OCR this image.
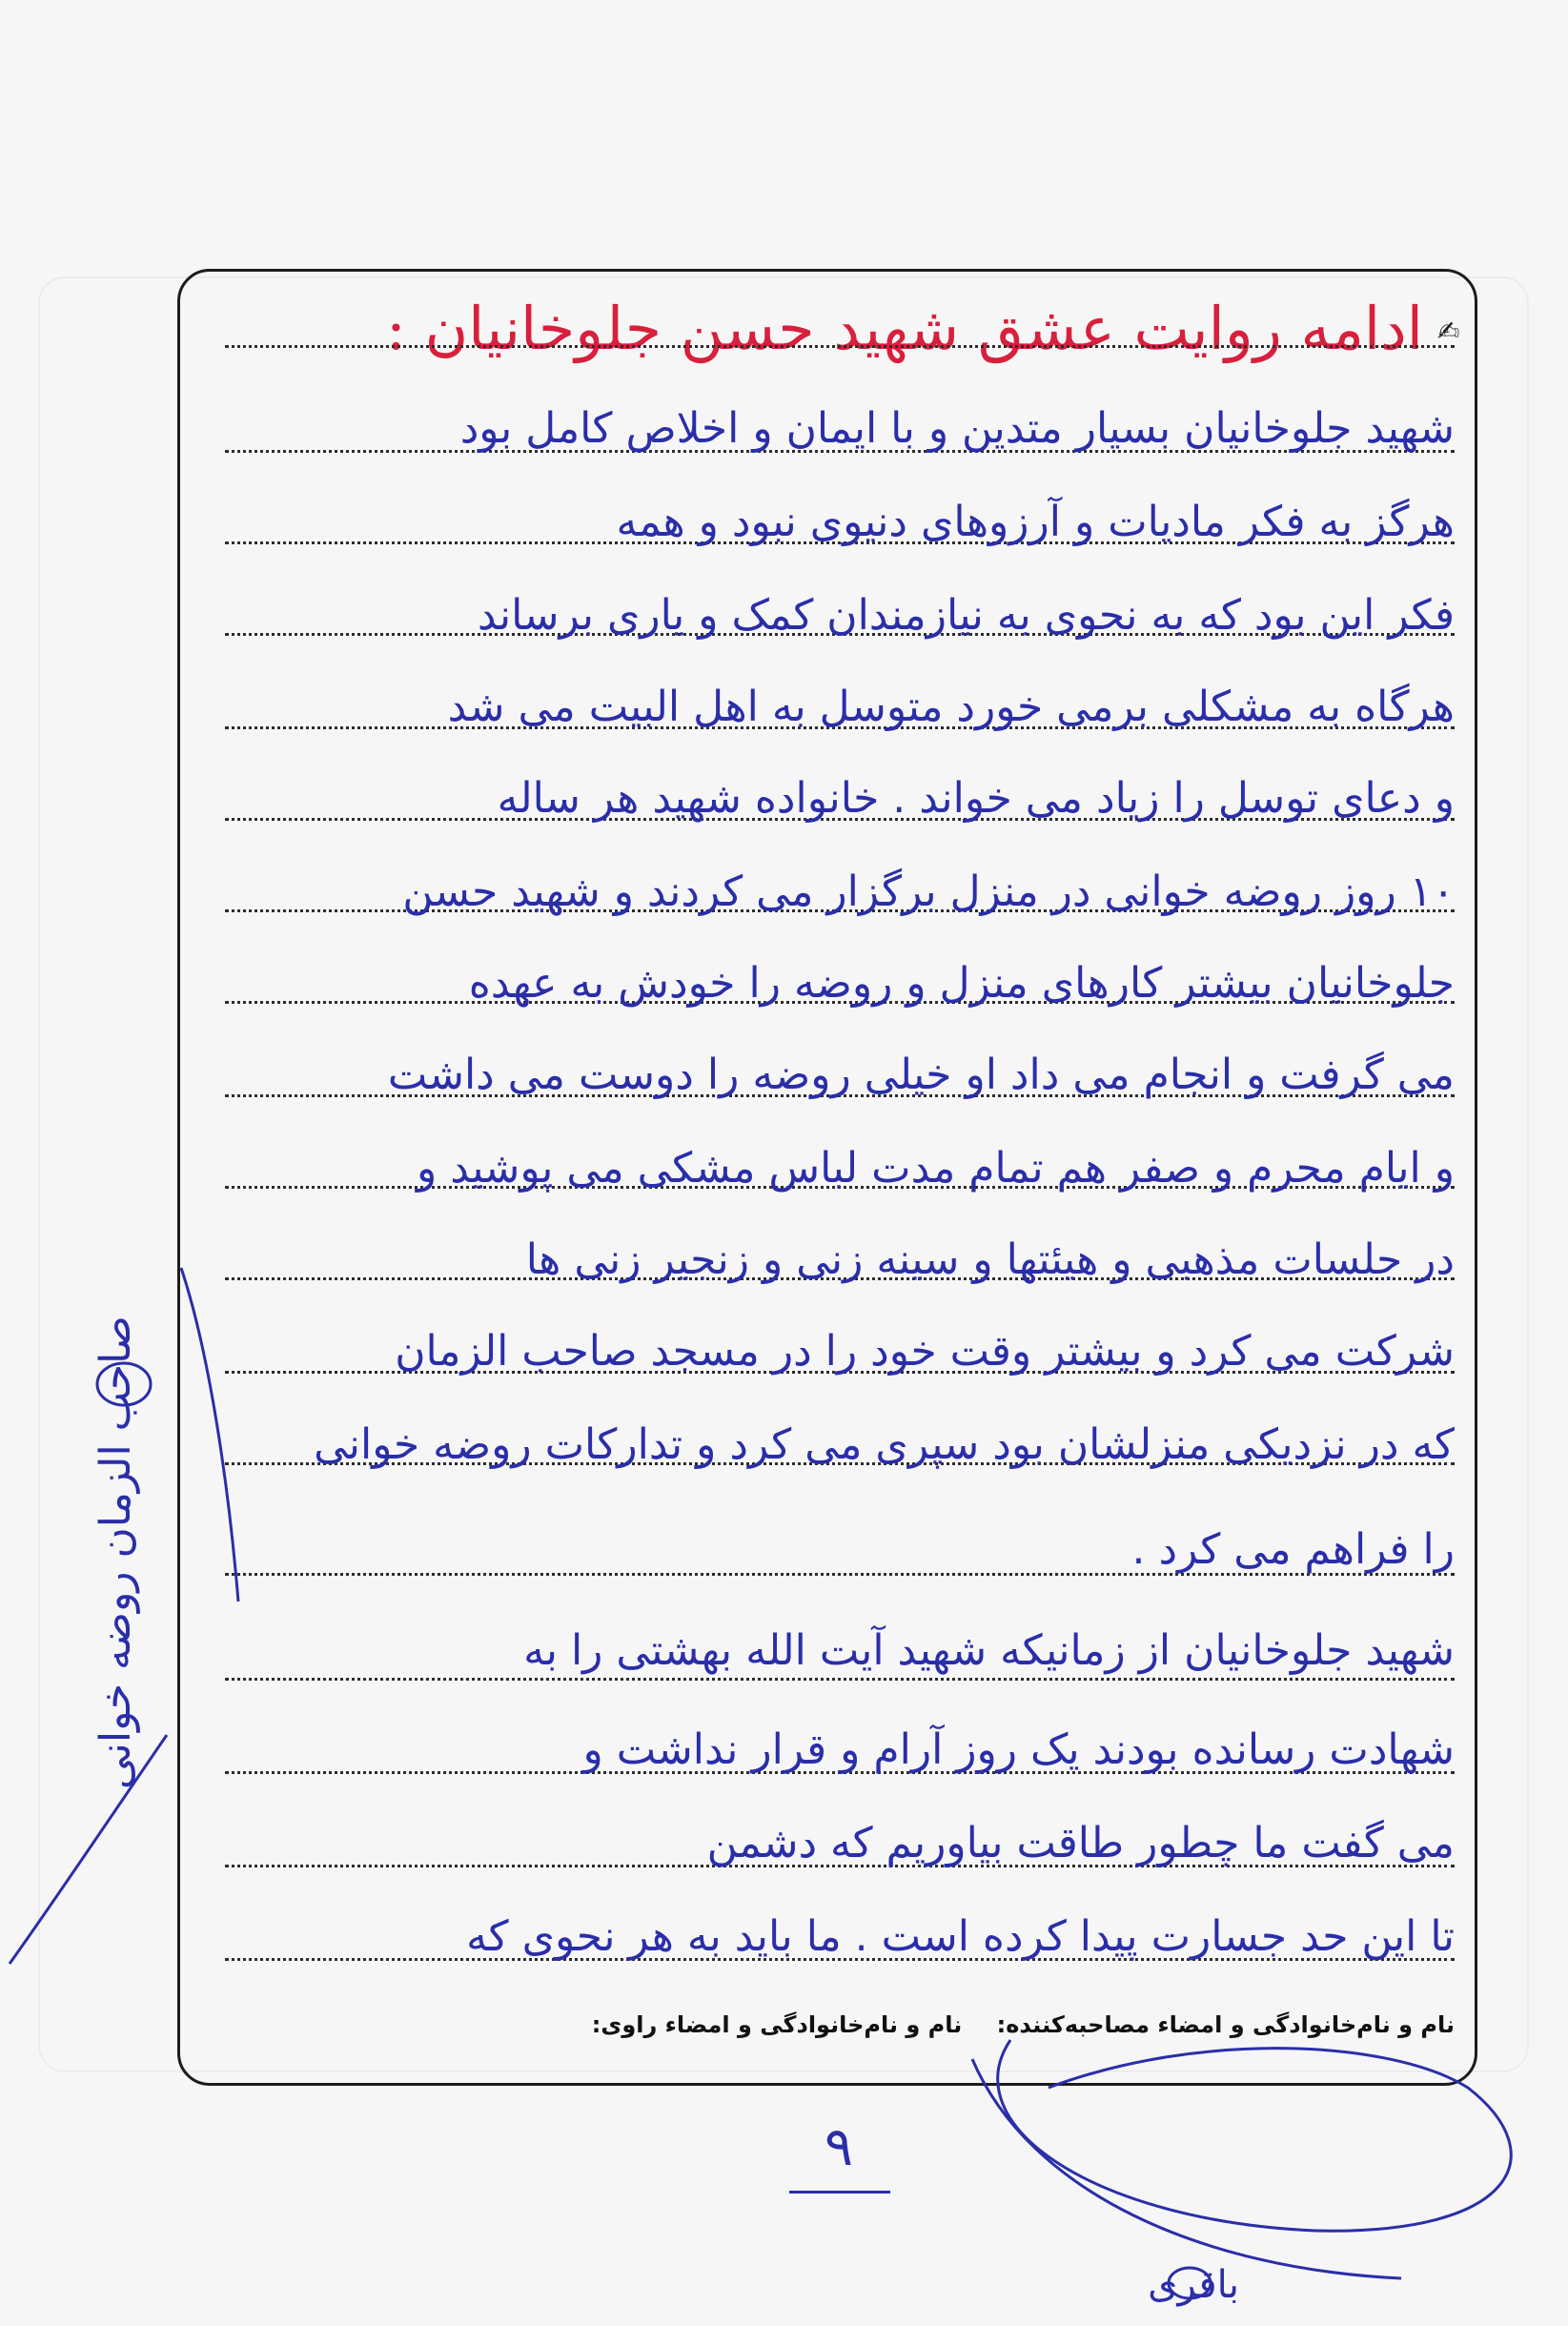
✍
ادامه روایت عشق شهید حسن جلوخانیان :
شهید جلوخانیان بسیار متدین و با ایمان و اخلاص کامل بود
هرگز به فکر مادیات و آرزوهای دنیوی نبود و همه
فکر این بود که به نحوی به نیازمندان کمک و یاری برساند
هرگاه به مشکلی برمی خورد متوسل به اهل البیت می شد
و دعای توسل را زیاد می خواند . خانواده شهید هر ساله
۱۰ روز روضه خوانی در منزل برگزار می کردند و شهید حسن
جلوخانیان بیشتر کارهای منزل و روضه را خودش به عهده
می گرفت و انجام می داد او خیلی روضه را دوست می داشت
و ایام محرم و صفر هم تمام مدت لباس مشکی می پوشید و
در جلسات مذهبی و هیئتها و سینه زنی و زنجیر زنی ها
شرکت می کرد و بیشتر وقت خود را در مسجد صاحب الزمان
که در نزدیکی منزلشان بود سپری می کرد و تدارکات روضه خوانی
را فراهم می کرد .
شهید جلوخانیان از زمانیکه شهید آیت الله بهشتی را به
شهادت رسانده بودند یک روز آرام و قرار نداشت و
می گفت ما چطور طاقت بیاوریم که دشمن
تا این حد جسارت پیدا کرده است . ما باید به هر نحوی که
صاحب الزمان روضه خوانی
نام و نام‌خانوادگی و امضاء مصاحبه‌کننده: نام و نام‌خانوادگی و امضاء راوی:
۹
باقری
